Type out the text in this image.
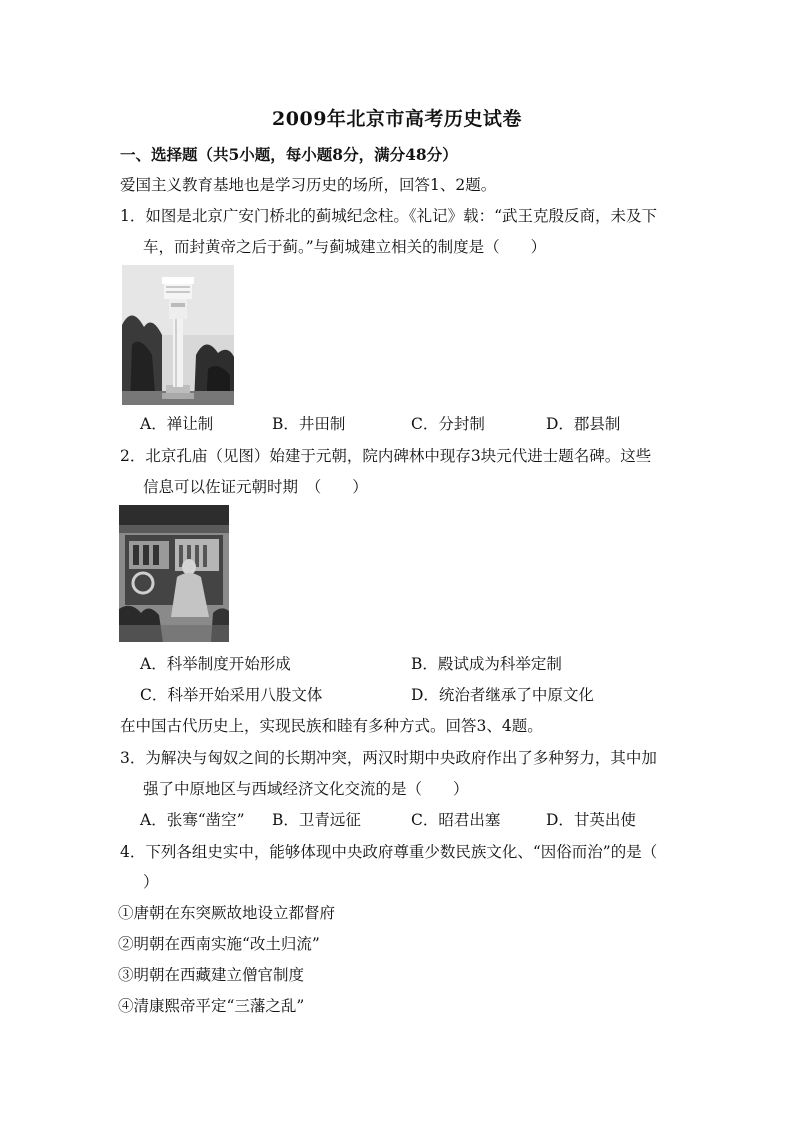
2009年北京市高考历史试卷
一、选择题（共5小题，每小题8分，满分48分）
爱国主义教育基地也是学习历史的场所，回答1、2题。
1．如图是北京广安门桥北的蓟城纪念柱。《礼记》载：“武王克殷反商，未及下
车，而封黄帝之后于蓟。”与蓟城建立相关的制度是（　　）
A．禅让制	B．井田制	C．分封制	D．郡县制
2．北京孔庙（见图）始建于元朝，院内碑林中现存3块元代进士题名碑。这些
信息可以佐证元朝时期　（　　）
A．科举制度开始形成	B．殿试成为科举定制
C．科举开始采用八股文体	D．统治者继承了中原文化
在中国古代历史上，实现民族和睦有多种方式。回答3、4题。
3．为解决与匈奴之间的长期冲突，两汉时期中央政府作出了多种努力，其中加
强了中原地区与西域经济文化交流的是（　　）
A．张骞“凿空” B．卫青远征	C．昭君出塞	D．甘英出使
4．下列各组史实中，能够体现中央政府尊重少数民族文化、“因俗而治”的是（
）
①唐朝在东突厥故地设立都督府
②明朝在西南实施“改土归流”
③明朝在西藏建立僧官制度
④清康熙帝平定“三藩之乱”
